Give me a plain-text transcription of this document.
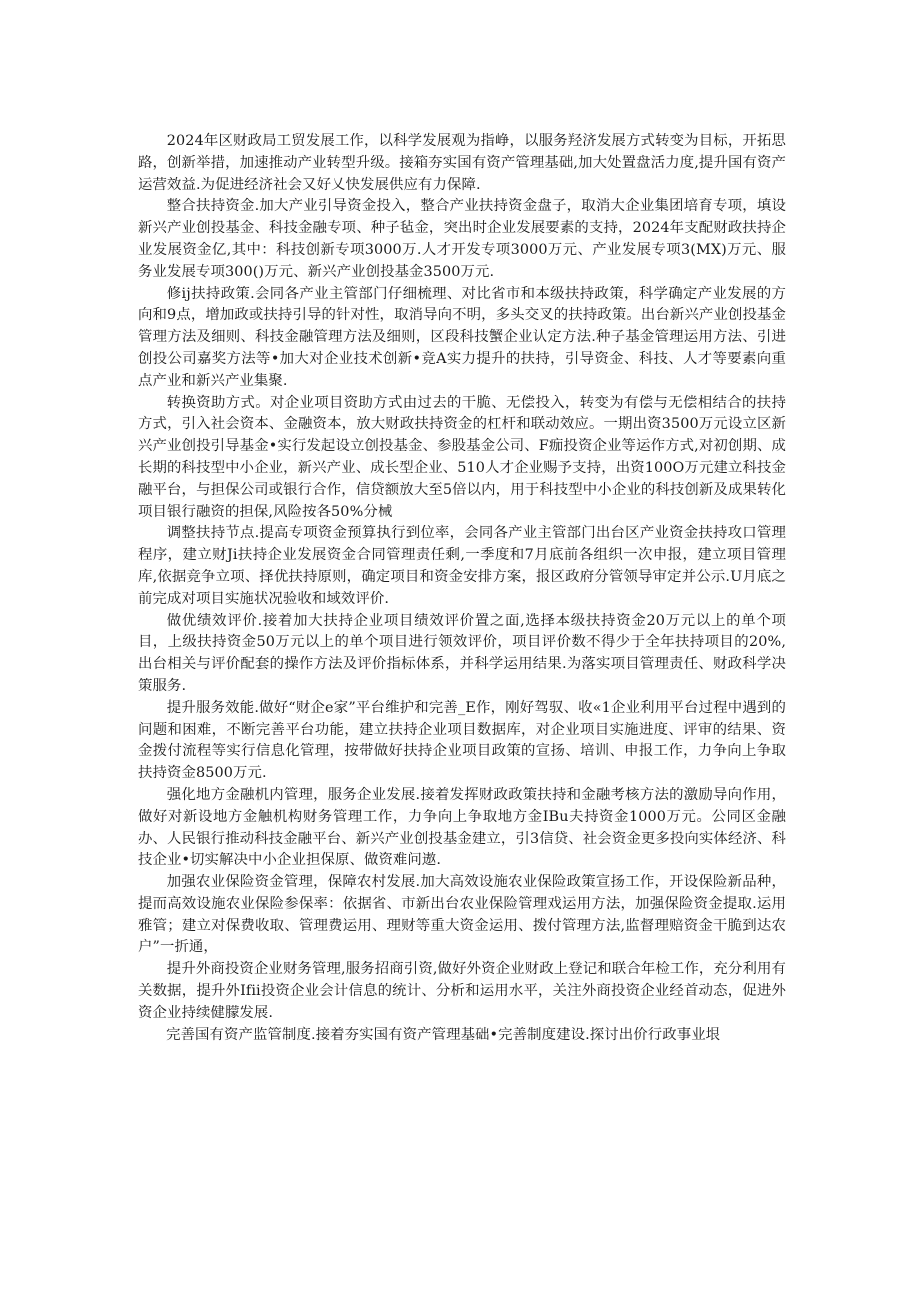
2024年区财政局工贸发展工作，以科学发展观为指峥，以服务羟济发展方式转变为目标，开拓思路，创新举措，加速推动产业转型升级。接箱夯实国有资产管理基础,加大处置盘活力度,提升国有资产运营效益.为促进经济社会又好乂快发展供应有力保障.

整合扶持资金.加大产业引导资金投入，整合产业扶持资金盘子，取消大企业集团培育专项，填设新兴产业创投基金、科技金融专项、种子毡金，突出时企业发展要素的支持，2024年支配财政扶持企业发展资金亿,其中：科技创新专项3000万.人才开发专项3000万元、产业发展专项3(MX)万元、服务业发展专项300()万元、新兴产业创投基金3500万元.

修ij扶持政策.会同各产业主管部门仔细梳理、对比省市和本级扶持政策，科学确定产业发展的方向和9点，增加政或扶持引导的针对性，取消导向不明，多头交叉的扶持政策。出台新兴产业创投基金管理方法及细则、科技金融管理方法及细则，区段科技蟹企业认定方法.种子基金管理运用方法、引进创投公司嘉奖方法等•加大对企业技术创新•竞A实力提升的扶持，引导资金、科技、人才等要素向重点产业和新兴产业集聚.

转换资助方式。对企业项目资助方式由过去的干脆、无偿投入，转变为有偿与无偿相结合的扶持方式，引入社会资本、金融资本，放大财政扶持资金的杠杆和联动效应。一期出资3500万元设立区新兴产业创投引导基金•实行发起设立创投基金、参股基金公司、F痂投资企业等运作方式,对初创期、成长期的科技型中小企业，新兴产业、成长型企业、510人才企业赐予支持，出资100O万元建立科技金融平台，与担保公司或银行合作，信贷额放大至5倍以内，用于科技型中小企业的科技创新及成果转化项目银行融资的担保,风险按各50%分械

调整扶持节点.提高专项资金预算执行到位率，会同各产业主管部门出台区产业资金扶持攻口管理程序，建立财Ji扶持企业发展资金合同管理责任剩,一季度和7月底前各组织一次申报，建立项目管理库,依据竞争立项、择优扶持原则，确定项目和资金安排方案，报区政府分管领导审定并公示.U月底之前完成对项目实施状况验收和域效评价.

做优绩效评价.接着加大扶持企业项目绩效评价置之面,选择本级扶持资金20万元以上的单个项目，上级扶持资金50万元以上的单个项目进行领效评价，项目评价数不得少于全年扶持项目的20%,出台相关与评价配套的操作方法及评价指标体系，并科学运用结果.为落实项目管理责任、财政科学决策服务.

提升服务效能.做好“财企e家”平台维护和完善_E作，刚好驾驭、收«1企业利用平台过程中遇到的问题和困难，不断完善平台功能，建立扶持企业项目数据库，对企业项目实施进度、评审的结果、资金拨付流程等实行信息化管理，按带做好扶持企业项目政策的宣扬、培训、申报工作，力争向上争取扶持资金8500万元.

强化地方金融机内管理，服务企业发展.接着发挥财政政策扶持和金融考核方法的激励导向作用，做好对新设地方金触机构财务管理工作，力争向上争取地方金IBu夫持资金1000万元。公同区金融办、人民银行推动科技金融平台、新兴产业创投基金建立，引3信贷、社会资金更多投向实体经济、科技企业•切实解决中小企业担保原、做资难问遨.

加强农业保险资金管理，保障农村发展.加大高效设施农业保险政策宣扬工作，开设保险新品种，提而高效设施农业保险参保率：依据省、市新出台农业保险管理戏运用方法，加强保险资金提取.运用雅管；建立对保费收取、管理费运用、理财等重大资金运用、拨付管理方法,监督理赔资金干脆到达农户”一折通，

提升外商投资企业财务管理,服务招商引资,做好外资企业财政上登记和联合年检工作，充分利用有关数据，提升外Ifii投资企业会计信息的统计、分析和运用水平，关注外商投资企业经首动态，促进外资企业持续健朦发展.

完善国有资产监管制度.接着夯实国有资产管理基础•完善制度建设.探讨出价行政事业垠
